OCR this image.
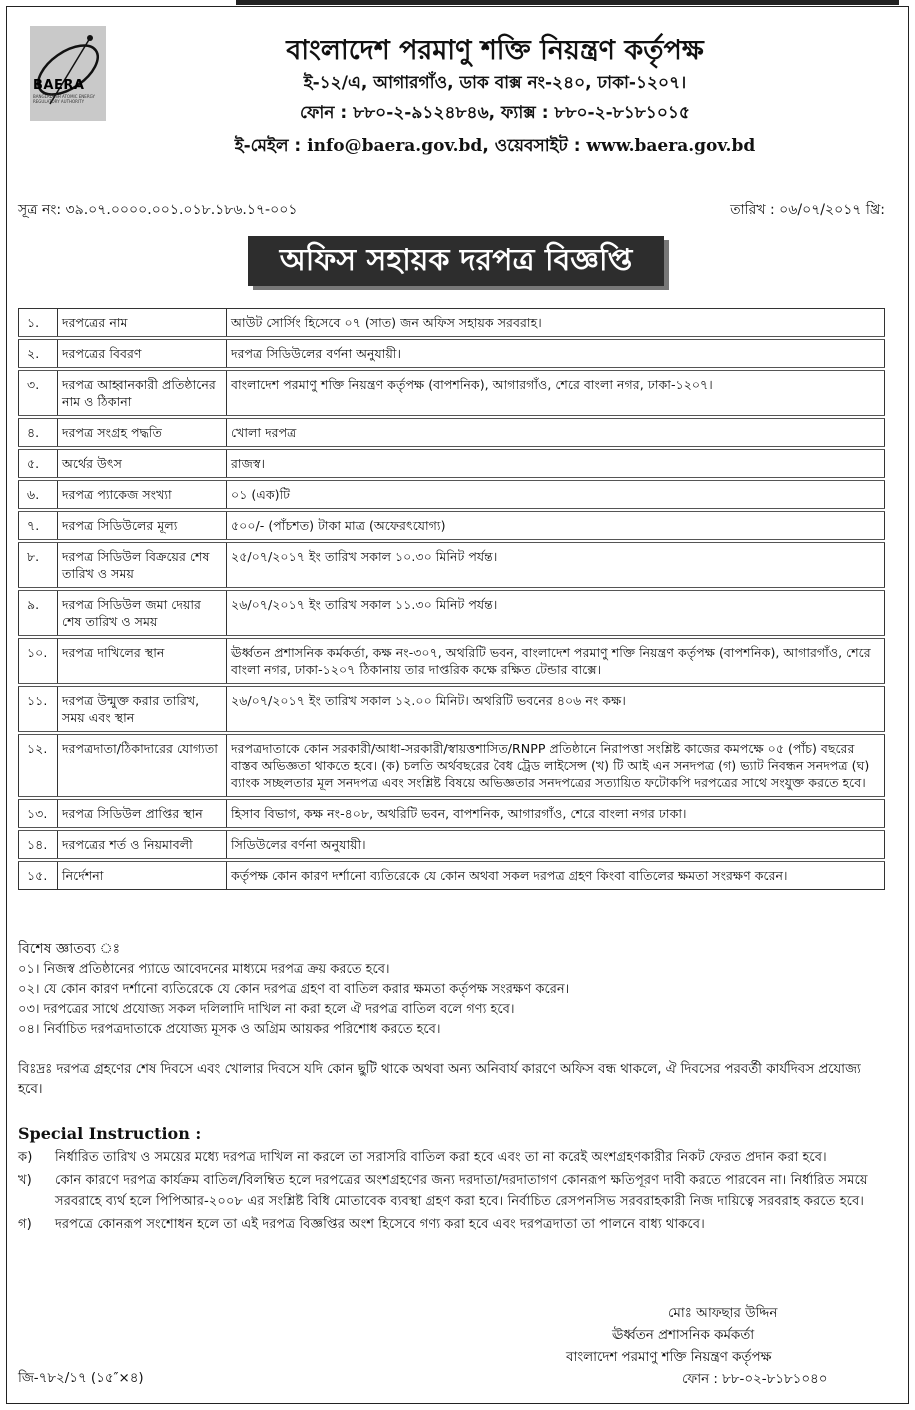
BAERA
BANGLADESH ATOMIC ENERGY REGULATORY AUTHORITY
বাংলাদেশ পরমাণু শক্তি নিয়ন্ত্রণ কর্তৃপক্ষ
ই-১২/এ, আগারগাঁও, ডাক বাক্স নং-২৪০, ঢাকা-১২০৭।
ফোন : ৮৮০-২-৯১২৪৮৪৬, ফ্যাক্স : ৮৮০-২-৮১৮১০১৫
ই-মেইল : info@baera.gov.bd, ওয়েবসাইট : www.baera.gov.bd
সূত্র নং: ৩৯.০৭.০০০০.০০১.০১৮.১৮৬.১৭-০০১	তারিখ : ০৬/০৭/২০১৭ খ্রি:
অফিস সহায়ক দরপত্র বিজ্ঞপ্তি
১.	দরপত্রের নাম	আউট সোর্সিং হিসেবে ০৭ (সাত) জন অফিস সহায়ক সরবরাহ।
২.	দরপত্রের বিবরণ	দরপত্র সিডিউলের বর্ণনা অনুযায়ী।
৩.	দরপত্র আহ্বানকারী প্রতিষ্ঠানের নাম ও ঠিকানা	বাংলাদেশ পরমাণু শক্তি নিয়ন্ত্রণ কর্তৃপক্ষ (বাপশনিক), আগারগাঁও, শেরে বাংলা নগর, ঢাকা-১২০৭।
৪.	দরপত্র সংগ্রহ পদ্ধতি	খোলা দরপত্র
৫.	অর্থের উৎস	রাজস্ব।
৬.	দরপত্র প্যাকেজ সংখ্যা	০১ (এক)টি
৭.	দরপত্র সিডিউলের মূল্য	৫০০/- (পাঁচশত) টাকা মাত্র (অফেরৎযোগ্য)
৮.	দরপত্র সিডিউল বিক্রয়ের শেষ তারিখ ও সময়	২৫/০৭/২০১৭ ইং তারিখ সকাল ১০.৩০ মিনিট পর্যন্ত।
৯.	দরপত্র সিডিউল জমা দেয়ার শেষ তারিখ ও সময়	২৬/০৭/২০১৭ ইং তারিখ সকাল ১১.৩০ মিনিট পর্যন্ত।
১০.	দরপত্র দাখিলের স্থান	ঊর্ধ্বতন প্রশাসনিক কর্মকর্তা, কক্ষ নং-৩০৭, অথরিটি ভবন, বাংলাদেশ পরমাণু শক্তি নিয়ন্ত্রণ কর্তৃপক্ষ (বাপশনিক), আগারগাঁও, শেরে বাংলা নগর, ঢাকা-১২০৭ ঠিকানায় তার দাপ্তরিক কক্ষে রক্ষিত টেন্ডার বাক্সে।
১১.	দরপত্র উন্মুক্ত করার তারিখ, সময় এবং স্থান	২৬/০৭/২০১৭ ইং তারিখ সকাল ১২.০০ মিনিট। অথরিটি ভবনের ৪০৬ নং কক্ষ।
১২.	দরপত্রদাতা/ঠিকাদারের যোগ্যতা	দরপত্রদাতাকে কোন সরকারী/আধা-সরকারী/স্বায়ত্তশাসিত/RNPP প্রতিষ্ঠানে নিরাপত্তা সংশ্লিষ্ট কাজের কমপক্ষে ০৫ (পাঁচ) বছরের বাস্তব অভিজ্ঞতা থাকতে হবে। (ক) চলতি অর্থবছরের বৈধ ট্রেড লাইসেন্স (খ) টি আই এন সনদপত্র (গ) ভ্যাট নিবন্ধন সনদপত্র (ঘ) ব্যাংক সচ্ছলতার মূল সনদপত্র এবং সংশ্লিষ্ট বিষয়ে অভিজ্ঞতার সনদপত্রের সত্যায়িত ফটোকপি দরপত্রের সাথে সংযুক্ত করতে হবে।
১৩.	দরপত্র সিডিউল প্রাপ্তির স্থান	হিসাব বিভাগ, কক্ষ নং-৪০৮, অথরিটি ভবন, বাপশনিক, আগারগাঁও, শেরে বাংলা নগর ঢাকা।
১৪.	দরপত্রের শর্ত ও নিয়মাবলী	সিডিউলের বর্ণনা অনুযায়ী।
১৫.	নির্দেশনা	কর্তৃপক্ষ কোন কারণ দর্শানো ব্যতিরেকে যে কোন অথবা সকল দরপত্র গ্রহণ কিংবা বাতিলের ক্ষমতা সংরক্ষণ করেন।
বিশেষ জ্ঞাতব্য ঃ
০১। নিজস্ব প্রতিষ্ঠানের প্যাডে আবেদনের মাধ্যমে দরপত্র ক্রয় করতে হবে।
০২। যে কোন কারণ দর্শানো ব্যতিরেকে যে কোন দরপত্র গ্রহণ বা বাতিল করার ক্ষমতা কর্তৃপক্ষ সংরক্ষণ করেন।
০৩। দরপত্রের সাথে প্রযোজ্য সকল দলিলাদি দাখিল না করা হলে ঐ দরপত্র বাতিল বলে গণ্য হবে।
০৪। নির্বাচিত দরপত্রদাতাকে প্রযোজ্য মূসক ও অগ্রিম আয়কর পরিশোধ করতে হবে।
বিঃদ্রঃ দরপত্র গ্রহণের শেষ দিবসে এবং খোলার দিবসে যদি কোন ছুটি থাকে অথবা অন্য অনিবার্য কারণে অফিস বন্ধ থাকলে, ঐ দিবসের পরবর্তী কার্যদিবস প্রযোজ্য হবে।
Special Instruction :
ক)	নির্ধারিত তারিখ ও সময়ের মধ্যে দরপত্র দাখিল না করলে তা সরাসরি বাতিল করা হবে এবং তা না করেই অংশগ্রহণকারীর নিকট ফেরত প্রদান করা হবে।
খ)	কোন কারণে দরপত্র কার্যক্রম বাতিল/বিলম্বিত হলে দরপত্রের অংশগ্রহণের জন্য দরদাতা/দরদাতাগণ কোনরূপ ক্ষতিপূরণ দাবী করতে পারবেন না। নির্ধারিত সময়ে সরবরাহে ব্যর্থ হলে পিপিআর-২০০৮ এর সংশ্লিষ্ট বিধি মোতাবেক ব্যবস্থা গ্রহণ করা হবে। নির্বাচিত রেসপনসিভ সরবরাহকারী নিজ দায়িত্বে সরবরাহ করতে হবে।
গ)	দরপত্রে কোনরূপ সংশোধন হলে তা এই দরপত্র বিজ্ঞপ্তির অংশ হিসেবে গণ্য করা হবে এবং দরপত্রদাতা তা পালনে বাধ্য থাকবে।
মোঃ আফছার উদ্দিন
ঊর্ধ্বতন প্রশাসনিক কর্মকর্তা
বাংলাদেশ পরমাণু শক্তি নিয়ন্ত্রণ কর্তৃপক্ষ
ফোন : ৮৮-০২-৮১৮১০৪০
জি-৭৮২/১৭ (১৫″×৪)
